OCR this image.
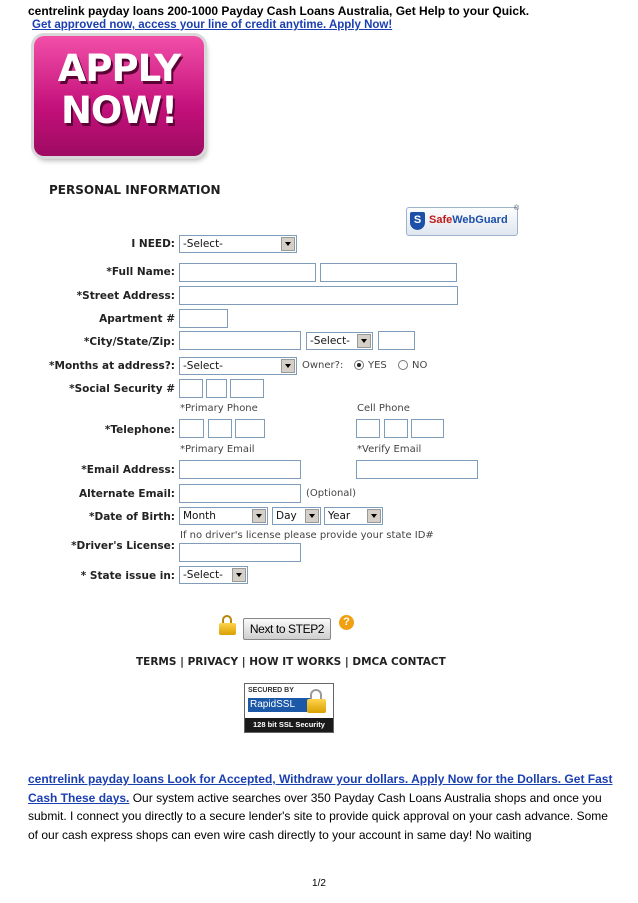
centrelink payday loans 200-1000 Payday Cash Loans Australia, Get Help to your Quick.
Get approved now, access your line of credit anytime. Apply Now!
APPLY
NOW!
PERSONAL INFORMATION
S SafeWebGuard
®
I NEED: -Select-
*Full Name:
*Street Address:
Apartment #
*City/State/Zip:	-Select-
*Months at address?: -Select-	Owner?: YES	NO
*Social Security #
*Primary Phone	Cell Phone
*Telephone:
*Primary Email	*Verify Email
*Email Address:
Alternate Email:	(Optional)
*Date of Birth: Month	Day	Year
If no driver's license please provide your state ID#
*Driver's License:
* State issue in: -Select-
Next to STEP2	?
TERMS | PRIVACY | HOW IT WORKS | DMCA CONTACT
SECURED BY
RapidSSL
128 bit SSL Security
centrelink payday loans Look for Accepted, Withdraw your dollars. Apply Now for the Dollars. Get Fast Cash These days. Our system active searches over 350 Payday Cash Loans Australia shops and once you submit. I connect you directly to a secure lender's site to provide quick approval on your cash advance. Some of our cash express shops can even wire cash directly to your account in same day! No waiting
1/2
